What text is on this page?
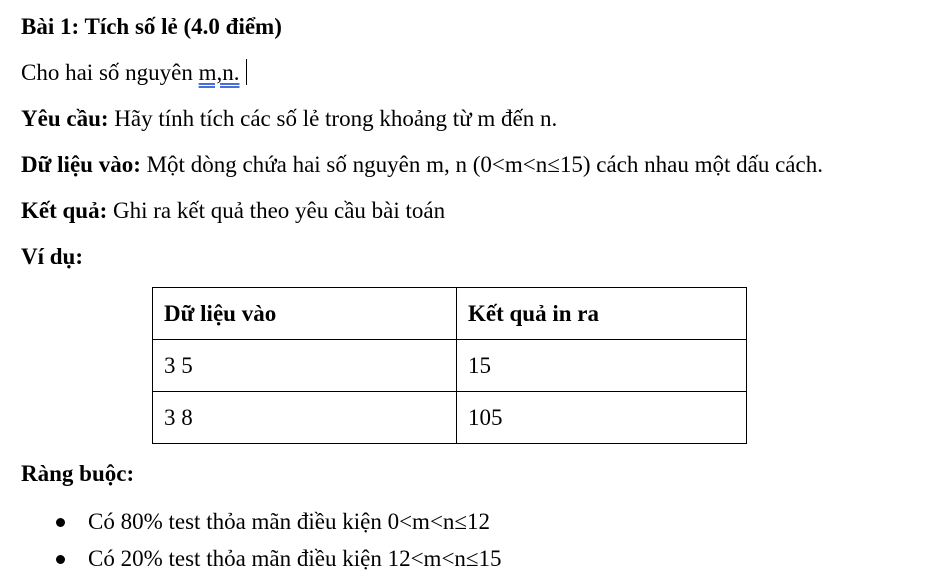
Bài 1: Tích số lẻ (4.0 điểm)
Cho hai số nguyên m,n.
Yêu cầu: Hãy tính tích các số lẻ trong khoảng từ m đến n.
Dữ liệu vào: Một dòng chứa hai số nguyên m, n (0<m<n≤15) cách nhau một dấu cách.
Kết quả: Ghi ra kết quả theo yêu cầu bài toán
Ví dụ:
Dữ liệu vào	Kết quả in ra
3 5	15
3 8	105
Ràng buộc:
Có 80% test thỏa mãn điều kiện 0<m<n≤12
Có 20% test thỏa mãn điều kiện 12<m<n≤15
